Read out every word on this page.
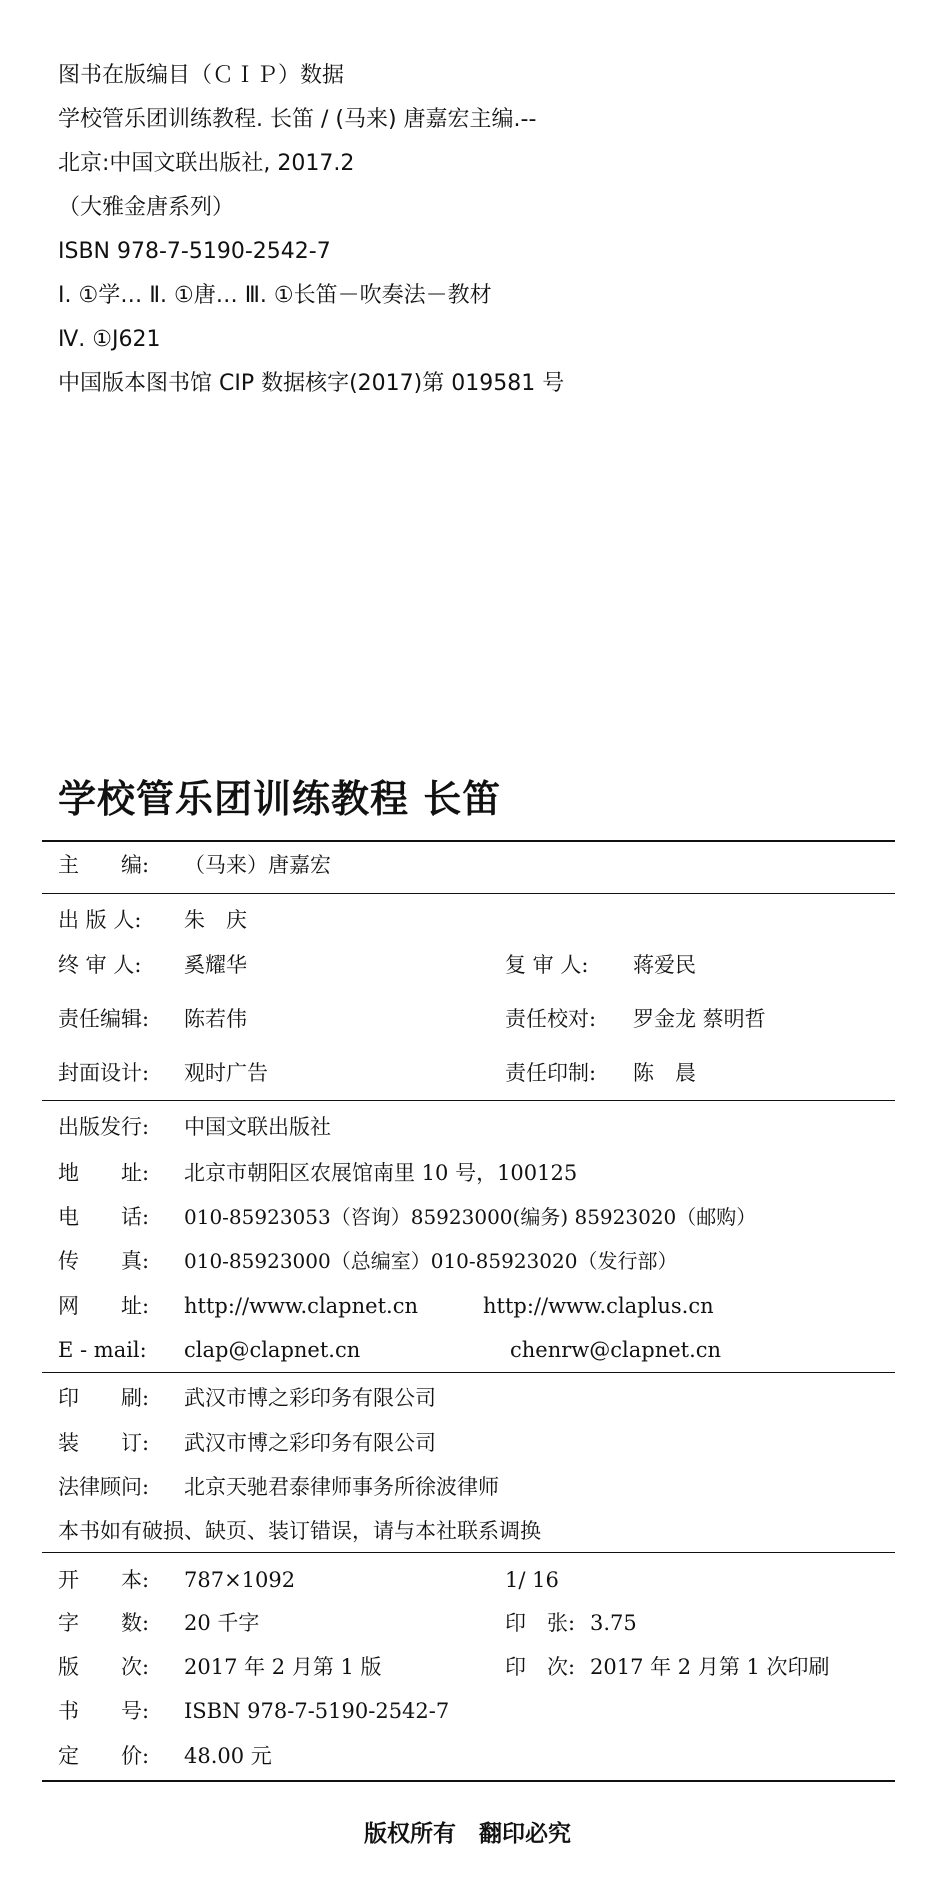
图书在版编目（ＣＩＰ）数据
学校管乐团训练教程. 长笛 / (马来) 唐嘉宏主编.--
北京:中国文联出版社, 2017.2
（大雅金唐系列）
ISBN 978-7-5190-2542-7
Ⅰ. ①学… Ⅱ. ①唐… Ⅲ. ①长笛－吹奏法－教材
Ⅳ. ①J621
中国版本图书馆 CIP 数据核字(2017)第 019581 号
学校管乐团训练教程 长笛
主　　编: （马来）唐嘉宏
出 版 人: 朱　庆
终 审 人: 奚耀华	复 审 人: 蒋爱民
责任编辑: 陈若伟	责任校对: 罗金龙 蔡明哲
封面设计: 观时广告	责任印制: 陈　晨
出版发行: 中国文联出版社
地　　址: 北京市朝阳区农展馆南里 10 号，100125
电　　话: 010-85923053（咨询）85923000(编务) 85923020（邮购）
传　　真: 010-85923000（总编室）010-85923020（发行部）
网　　址: http://www.clapnet.cn	http://www.claplus.cn
E - mail: clap@clapnet.cn	chenrw@clapnet.cn
印　　刷: 武汉市博之彩印务有限公司
装　　订: 武汉市博之彩印务有限公司
法律顾问: 北京天驰君泰律师事务所徐波律师
本书如有破损、缺页、装订错误，请与本社联系调换
开　　本: 787×1092	1/ 16
字　　数: 20 千字	印　张: 3.75
版　　次: 2017 年 2 月第 1 版	印　次: 2017 年 2 月第 1 次印刷
书　　号: ISBN 978-7-5190-2542-7
定　　价: 48.00 元
版权所有　翻印必究
